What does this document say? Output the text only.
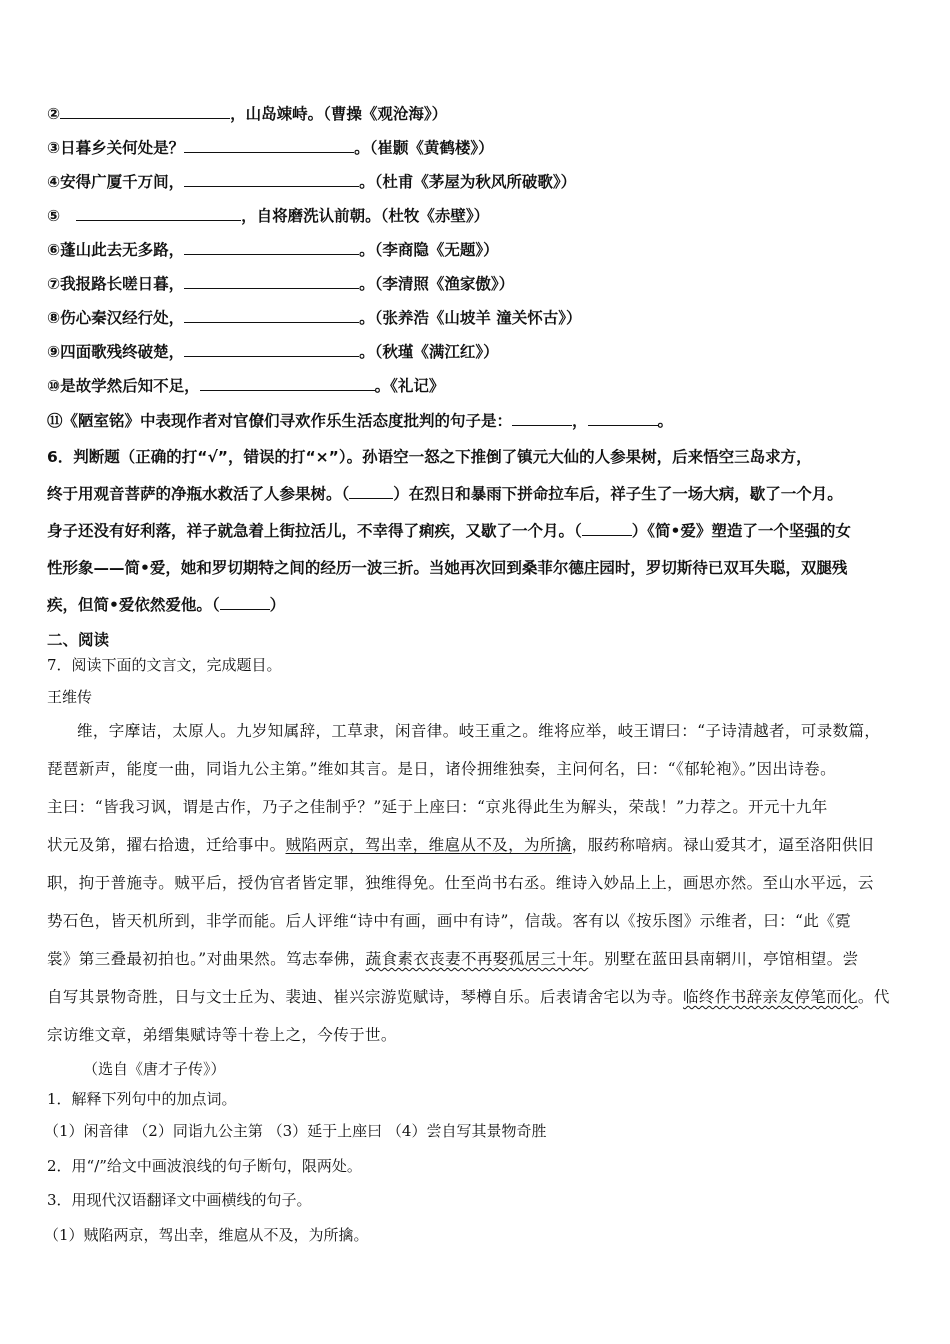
②	，山岛竦峙。（曹操《观沧海》）
③日暮乡关何处是？	。（崔颢《黄鹤楼》）
④安得广厦千万间，	。（杜甫《茅屋为秋风所破歌》）
⑤	，自将磨洗认前朝。（杜牧《赤壁》）
⑥蓬山此去无多路，	。（李商隐《无题》）
⑦我报路长嗟日暮，	。（李清照《渔家傲》）
⑧伤心秦汉经行处，	。（张养浩《山坡羊 潼关怀古》）
⑨四面歌残终破楚，	。（秋瑾《满江红》）
⑩是故学然后知不足，	。《礼记》
⑪《陋室铭》中表现作者对官僚们寻欢作乐生活态度批判的句子是：	，	。
6．判断题（正确的打“√”，错误的打“×”）。孙语空一怒之下推倒了镇元大仙的人参果树，后来悟空三岛求方，
终于用观音菩萨的净瓶水救活了人参果树。（	）在烈日和暴雨下拼命拉车后，祥子生了一场大病，歇了一个月。
身子还没有好利落，祥子就急着上街拉活儿，不幸得了痢疾，又歇了一个月。（	）《简•爱》塑造了一个坚强的女
性形象——简•爱，她和罗切期特之间的经历一波三折。当她再次回到桑菲尔德庄园时，罗切斯待已双耳失聪，双腿残
疾，但简•爱依然爱他。（	）
二、阅读
7．阅读下面的文言文，完成题目。
王维传
维，字摩诘，太原人。九岁知属辞，工草隶，闲音律。岐王重之。维将应举，岐王谓曰：“子诗清越者，可录数篇，
琵琶新声，能度一曲，同诣九公主第。”维如其言。是日，诸伶拥维独奏，主问何名，曰：“《郁轮袍》。”因出诗卷。
主曰：“皆我习讽，谓是古作，乃子之佳制乎？”延于上座曰：“京兆得此生为解头，荣哉！”力荐之。开元十九年
状元及第，擢右拾遗，迁给事中。贼陷两京，驾出幸，维扈从不及，为所擒，服药称喑病。禄山爱其才，逼至洛阳供旧
职，拘于普施寺。贼平后，授伪官者皆定罪，独维得免。仕至尚书右丞。维诗入妙品上上，画思亦然。至山水平远，云
势石色，皆天机所到，非学而能。后人评维“诗中有画，画中有诗”，信哉。客有以《按乐图》示维者，曰：“此《霓
裳》第三叠最初拍也。”对曲果然。笃志奉佛，蔬食素衣丧妻不再娶孤居三十年。别墅在蓝田县南辋川，亭馆相望。尝
自写其景物奇胜，日与文士丘为、裴迪、崔兴宗游览赋诗，琴樽自乐。后表请舍宅以为寺。临终作书辞亲友停笔而化。代
宗访维文章，弟缙集赋诗等十卷上之，今传于世。
（选自《唐才子传》）
1．解释下列句中的加点词。
（1）闲音律 （2）同诣九公主第 （3）延于上座曰 （4）尝自写其景物奇胜
2．用“/”给文中画波浪线的句子断句，限两处。
3．用现代汉语翻译文中画横线的句子。
（1）贼陷两京，驾出幸，维扈从不及，为所擒。
